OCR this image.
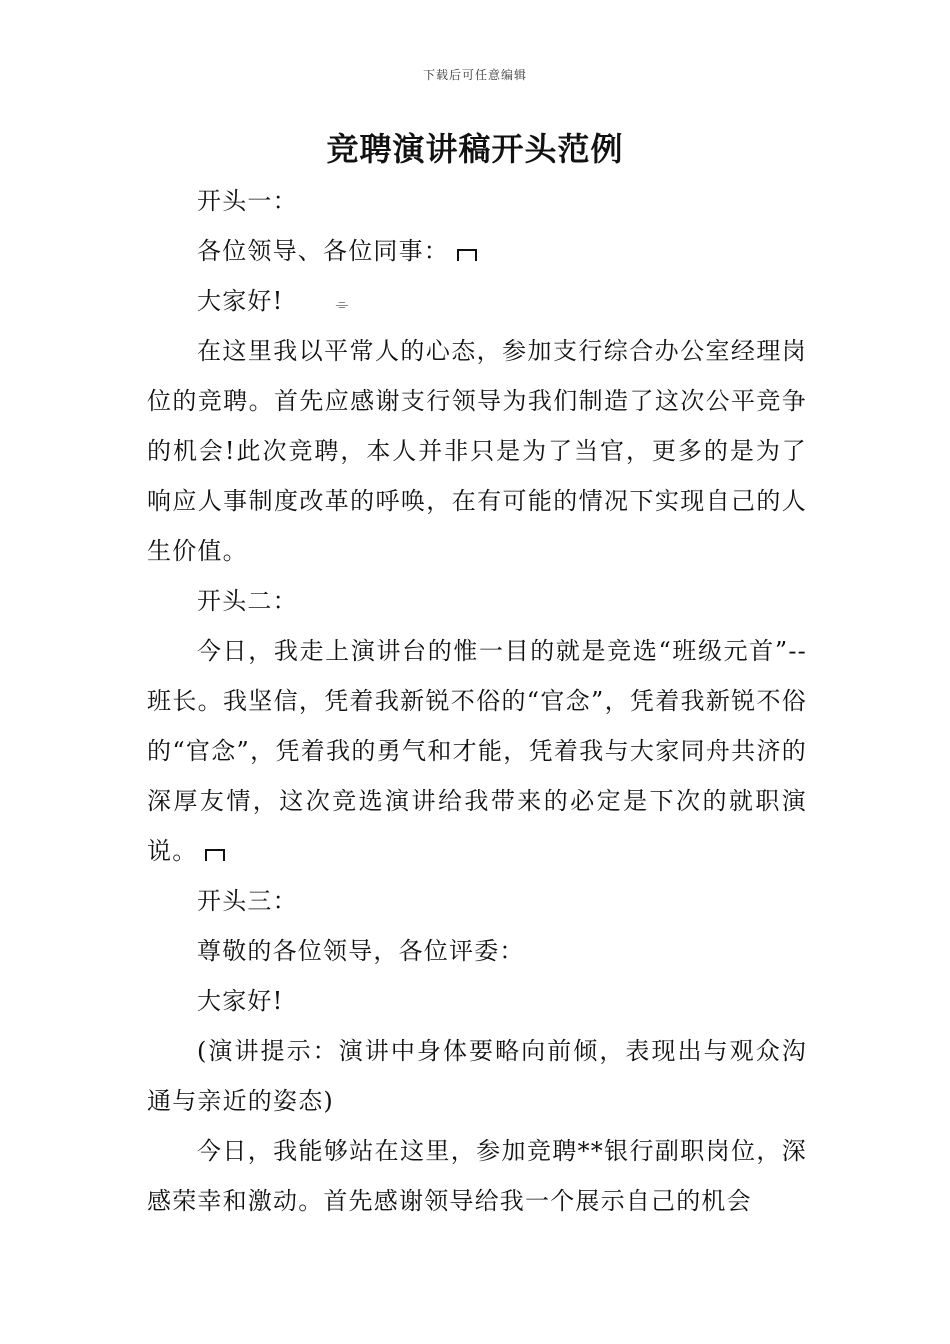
下载后可任意编辑
竞聘演讲稿开头范例

开头一：

各位领导、各位同事：

大家好!	⌯

在这里我以平常人的心态，参加支行综合办公室经理岗位的竞聘。首先应感谢支行领导为我们制造了这次公平竞争的机会!此次竞聘，本人并非只是为了当官，更多的是为了响应人事制度改革的呼唤，在有可能的情况下实现自己的人生价值。

开头二：

今日，我走上演讲台的惟一目的就是竞选“班级元首”--班长。我坚信，凭着我新锐不俗的“官念”，凭着我新锐不俗的“官念”，凭着我的勇气和才能，凭着我与大家同舟共济的深厚友情，这次竞选演讲给我带来的必定是下次的就职演说。

开头三：

尊敬的各位领导，各位评委：

大家好!

(演讲提示：演讲中身体要略向前倾，表现出与观众沟通与亲近的姿态)

今日，我能够站在这里，参加竞聘**银行副职岗位，深感荣幸和激动。首先感谢领导给我一个展示自己的机会
